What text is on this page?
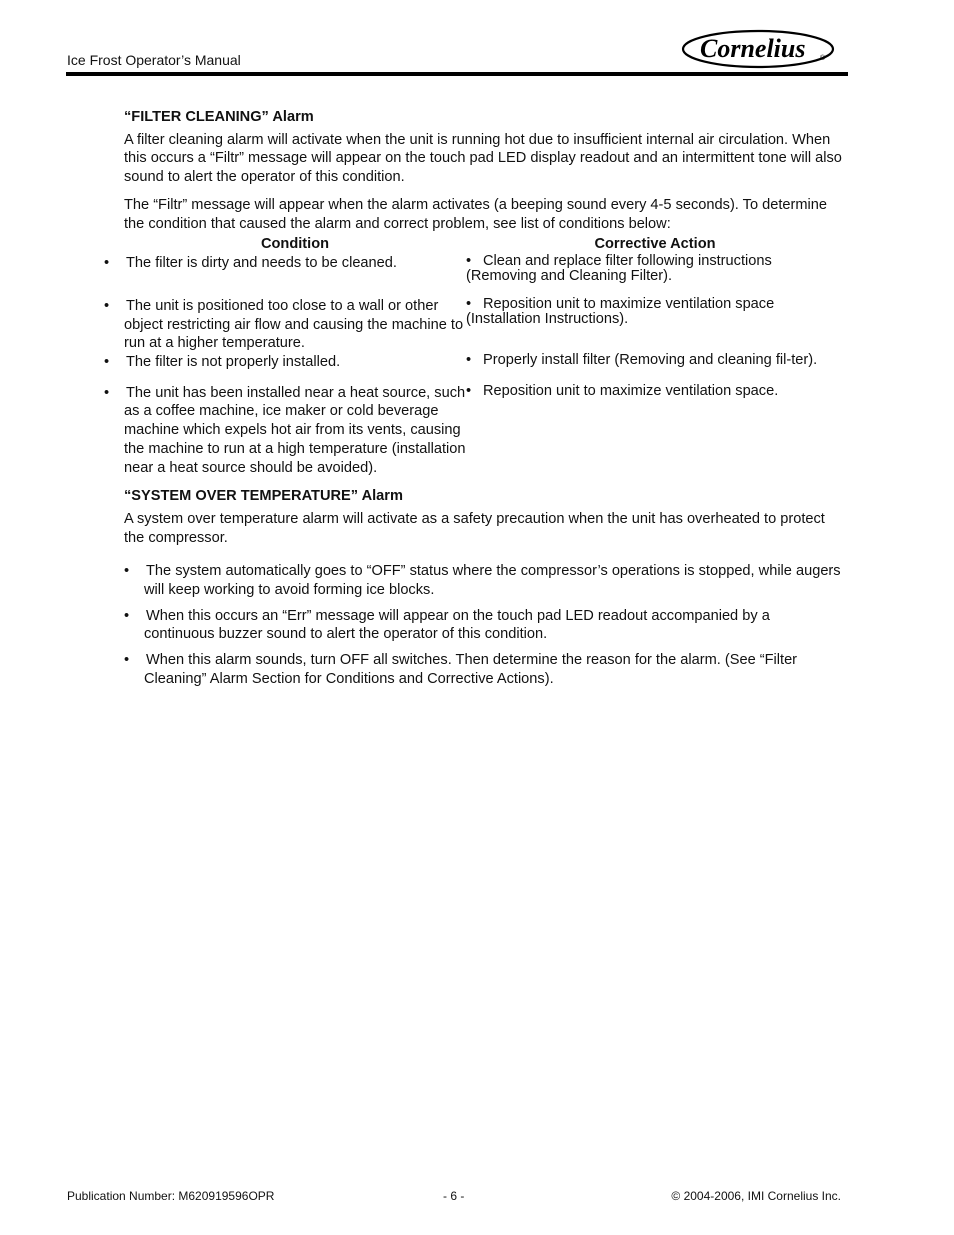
Ice Frost Operator’s Manual	Cornelius ®

“FILTER CLEANING” Alarm

A filter cleaning alarm will activate when the unit is running hot due to insufficient internal air circulation. When this occurs a “Filtr” message will appear on the touch pad LED display readout and an intermittent tone will also sound to alert the operator of this condition.

The “Filtr” message will appear when the alarm activates (a beeping sound every 4-5 seconds). To determine the condition that caused the alarm and correct problem, see list of conditions below:

Condition	Corrective Action
• The filter is dirty and needs to be cleaned.	• Clean and replace filter following instructions (Removing and Cleaning Filter).
• The unit is positioned too close to a wall or other object restricting air flow and causing the machine to run at a higher temperature.	• Reposition unit to maximize ventilation space (Installation Instructions).
• The filter is not properly installed.	• Properly install filter (Removing and cleaning fil-ter).
• The unit has been installed near a heat source, such as a coffee machine, ice maker or cold beverage machine which expels hot air from its vents, causing the machine to run at a high temperature (installation near a heat source should be avoided).	• Reposition unit to maximize ventilation space.

“SYSTEM OVER TEMPERATURE” Alarm

A system over temperature alarm will activate as a safety precaution when the unit has overheated to protect the compressor.

• The system automatically goes to “OFF” status where the compressor’s operations is stopped, while augers will keep working to avoid forming ice blocks.
• When this occurs an “Err” message will appear on the touch pad LED readout accompanied by a continuous buzzer sound to alert the operator of this condition.
• When this alarm sounds, turn OFF all switches. Then determine the reason for the alarm. (See “Filter Cleaning” Alarm Section for Conditions and Corrective Actions).
Publication Number: M620919596OPR	- 6 -	© 2004-2006, IMI Cornelius Inc.
